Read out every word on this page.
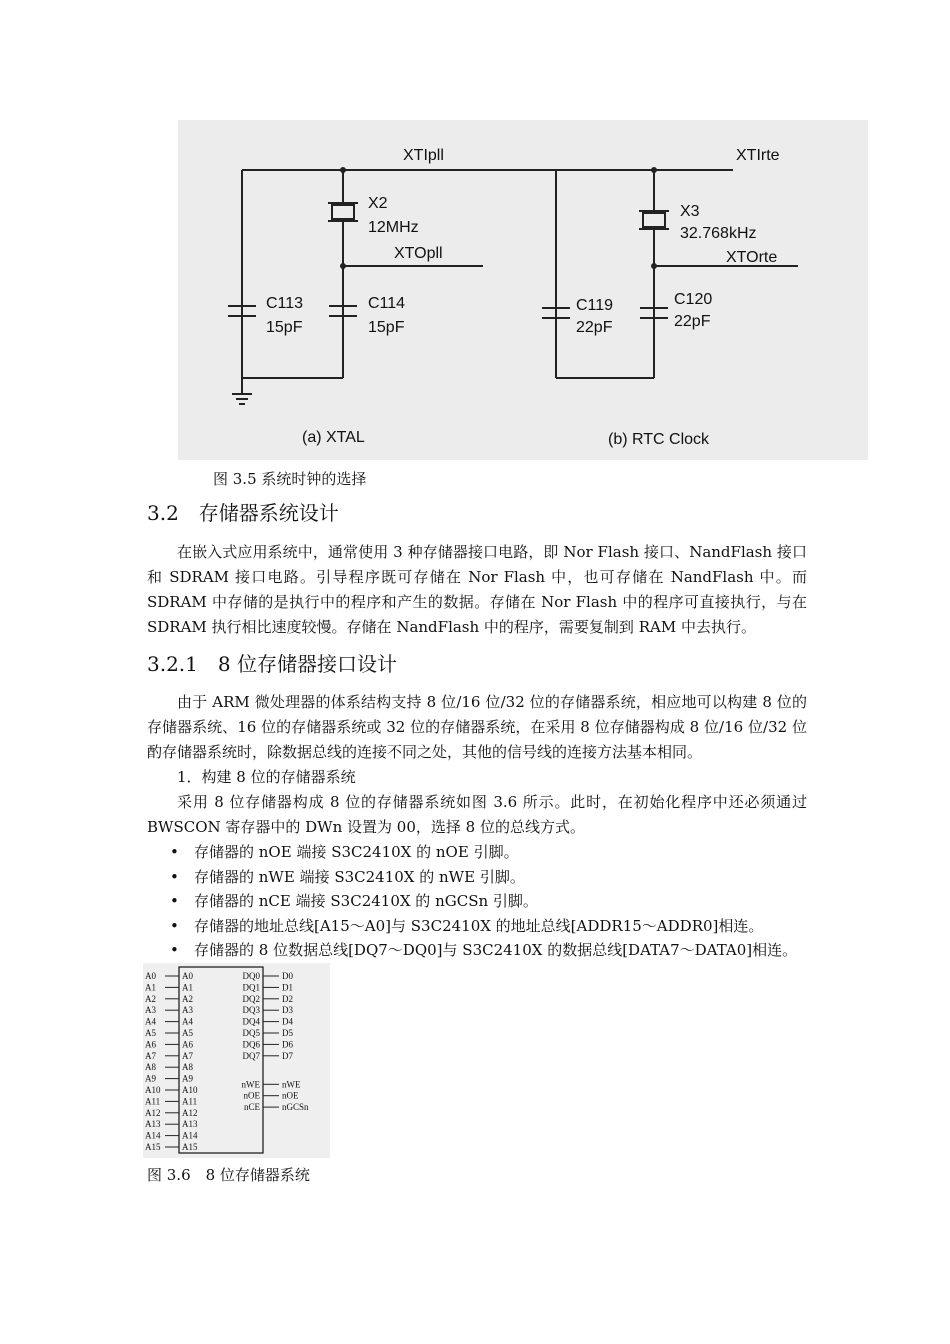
XTIpll
X2
12MHz
XTOpll
C113
15pF
C114
15pF
(a) XTAL
XTIrte
X3
32.768kHz
XTOrte
C119
22pF
C120
22pF
(b) RTC Clock
图 3.5 系统时钟的选择
3.2　存储器系统设计

在嵌入式应用系统中，通常使用 3 种存储器接口电路，即 Nor Flash 接口、NandFlash 接口和 SDRAM 接口电路。引导程序既可存储在 Nor Flash 中，也可存储在 NandFlash 中。而 SDRAM 中存储的是执行中的程序和产生的数据。存储在 Nor Flash 中的程序可直接执行，与在 SDRAM 执行相比速度较慢。存储在 NandFlash 中的程序，需要复制到 RAM 中去执行。

3.2.1　8 位存储器接口设计

由于 ARM 微处理器的体系结构支持 8 位/16 位/32 位的存储器系统，相应地可以构建 8 位的存储器系统、16 位的存储器系统或 32 位的存储器系统，在采用 8 位存储器构成 8 位/16 位/32 位酌存储器系统时，除数据总线的连接不同之处，其他的信号线的连接方法基本相同。

1．构建 8 位的存储器系统

采用 8 位存储器构成 8 位的存储器系统如图 3.6 所示。此时，在初始化程序中还必须通过 BWSCON 寄存器中的 DWn 设置为 00，选择 8 位的总线方式。

• 存储器的 nOE 端接 S3C2410X 的 nOE 引脚。
• 存储器的 nWE 端接 S3C2410X 的 nWE 引脚。
• 存储器的 nCE 端接 S3C2410X 的 nGCSn 引脚。
• 存储器的地址总线[A15～A0]与 S3C2410X 的地址总线[ADDR15～ADDR0]相连。
• 存储器的 8 位数据总线[DQ7～DQ0]与 S3C2410X 的数据总线[DATA7～DATA0]相连。
A0	A0
A1	A1
A2	A2
A3	A3
A4	A4
A5	A5
A6	A6
A7	A7
A8	A8
A9	A9
A10 A10
A11 A11
A12 A12
A13 A13
A14 A14
A15 A15
DQ0 D0
DQ1 D1
DQ2 D2
DQ3 D3
DQ4 D4
DQ5 D5
DQ6 D6
DQ7 D7
nWE nWE
nOE nOE
nCE nGCSn
图 3.6　8 位存储器系统
